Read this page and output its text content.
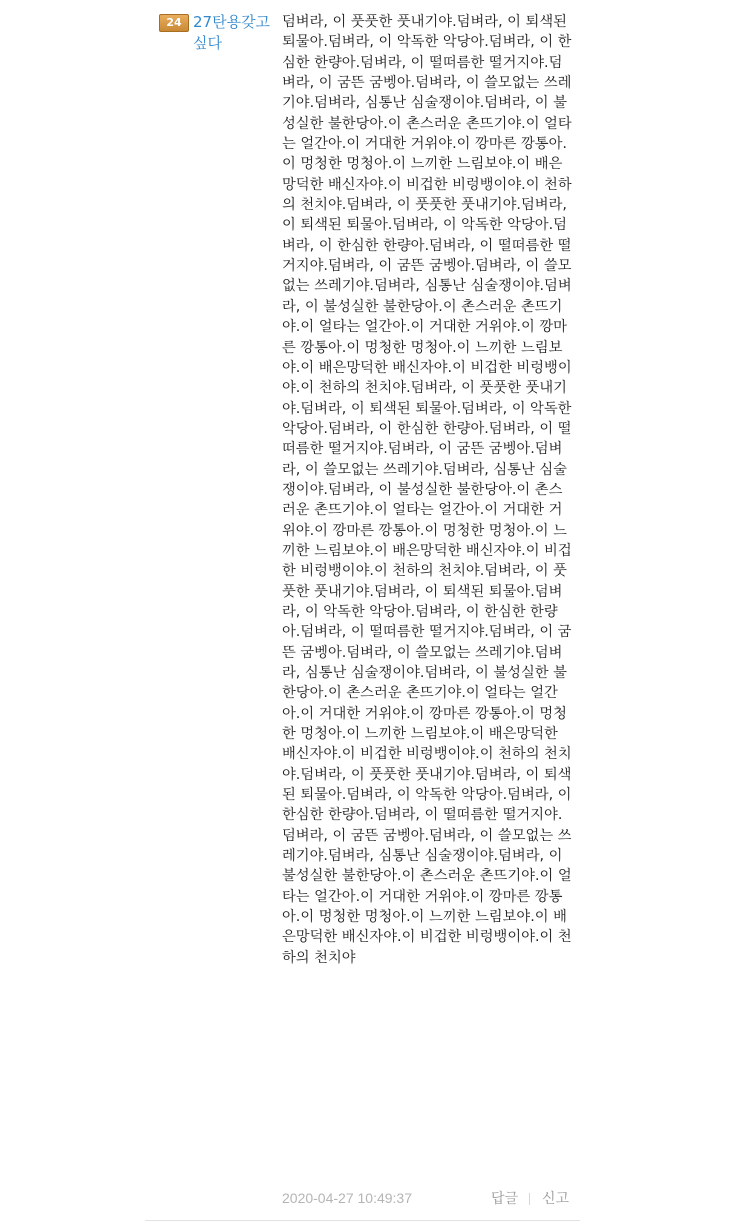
24 27탄용갖고싶다
덤벼라, 이 풋풋한 풋내기야.덤벼라, 이 퇴색된 퇴물아.덤벼라, 이 악독한 악당아.덤벼라, 이 한심한 한량아.덤벼라, 이 떨떠름한 떨거지야.덤벼라, 이 굼뜬 굼벵아.덤벼라, 이 쓸모없는 쓰레기야.덤벼라, 심통난 심술쟁이야.덤벼라, 이 불성실한 불한당아.이 촌스러운 촌뜨기야.이 얼타는 얼간아.이 거대한 거위야.이 깡마른 깡통아.이 멍청한 멍청아.이 느끼한 느림보야.이 배은망덕한 배신자야.이 비겁한 비렁뱅이야.이 천하의 천치야.덤벼라, 이 풋풋한 풋내기야.덤벼라, 이 퇴색된 퇴물아.덤벼라, 이 악독한 악당아.덤벼라, 이 한심한 한량아.덤벼라, 이 떨떠름한 떨거지야.덤벼라, 이 굼뜬 굼벵아.덤벼라, 이 쓸모없는 쓰레기야.덤벼라, 심통난 심술쟁이야.덤벼라, 이 불성실한 불한당아.이 촌스러운 촌뜨기야.이 얼타는 얼간아.이 거대한 거위야.이 깡마른 깡통아.이 멍청한 멍청아.이 느끼한 느림보야.이 배은망덕한 배신자야.이 비겁한 비렁뱅이야.이 천하의 천치야.덤벼라, 이 풋풋한 풋내기야.덤벼라, 이 퇴색된 퇴물아.덤벼라, 이 악독한 악당아.덤벼라, 이 한심한 한량아.덤벼라, 이 떨떠름한 떨거지야.덤벼라, 이 굼뜬 굼벵아.덤벼라, 이 쓸모없는 쓰레기야.덤벼라, 심통난 심술쟁이야.덤벼라, 이 불성실한 불한당아.이 촌스러운 촌뜨기야.이 얼타는 얼간아.이 거대한 거위야.이 깡마른 깡통아.이 멍청한 멍청아.이 느끼한 느림보야.이 배은망덕한 배신자야.이 비겁한 비렁뱅이야.이 천하의 천치야.덤벼라, 이 풋풋한 풋내기야.덤벼라, 이 퇴색된 퇴물아.덤벼라, 이 악독한 악당아.덤벼라, 이 한심한 한량아.덤벼라, 이 떨떠름한 떨거지야.덤벼라, 이 굼뜬 굼벵아.덤벼라, 이 쓸모없는 쓰레기야.덤벼라, 심통난 심술쟁이야.덤벼라, 이 불성실한 불한당아.이 촌스러운 촌뜨기야.이 얼타는 얼간아.이 거대한 거위야.이 깡마른 깡통아.이 멍청한 멍청아.이 느끼한 느림보야.이 배은망덕한 배신자야.이 비겁한 비렁뱅이야.이 천하의 천치야.덤벼라, 이 풋풋한 풋내기야.덤벼라, 이 퇴색된 퇴물아.덤벼라, 이 악독한 악당아.덤벼라, 이 한심한 한량아.덤벼라, 이 떨떠름한 떨거지야.덤벼라, 이 굼뜬 굼벵아.덤벼라, 이 쓸모없는 쓰레기야.덤벼라, 심통난 심술쟁이야.덤벼라, 이 불성실한 불한당아.이 촌스러운 촌뜨기야.이 얼타는 얼간아.이 거대한 거위야.이 깡마른 깡통아.이 멍청한 멍청아.이 느끼한 느림보야.이 배은망덕한 배신자야.이 비겁한 비렁뱅이야.이 천하의 천치야
2020-04-27 10:49:37	답글 신고
